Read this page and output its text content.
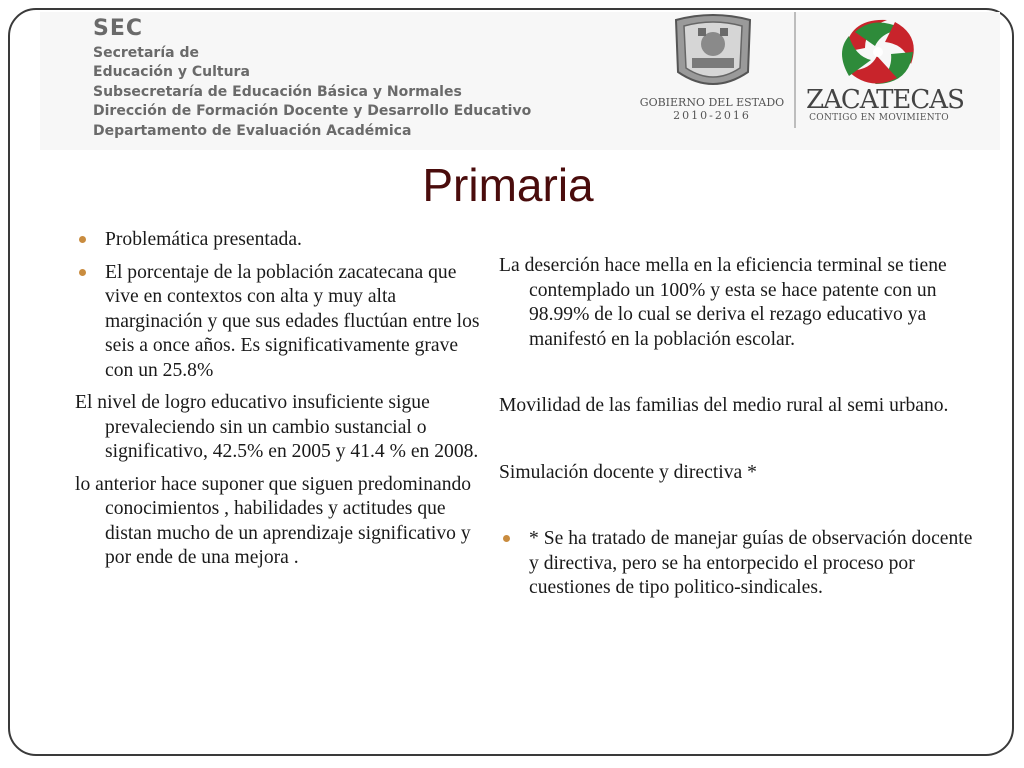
SEC
Secretaría de
Educación y Cultura
Subsecretaría de Educación Básica y Normales
Dirección de Formación Docente y Desarrollo Educativo
Departamento de Evaluación Académica
GOBIERNO DEL ESTADO
2010-2016
ZACATECAS
CONTIGO EN MOVIMIENTO
Primaria
Problemática presentada.
El porcentaje de la población zacatecana que vive en contextos con alta y muy alta marginación y que sus edades fluctúan entre los seis a once años. Es significativamente grave con un 25.8%
El nivel de logro educativo insuficiente sigue prevaleciendo sin un cambio sustancial o significativo, 42.5% en 2005 y 41.4 % en 2008.
lo anterior hace suponer que siguen predominando conocimientos , habilidades y actitudes que distan mucho de un aprendizaje significativo y por ende de una mejora .
La deserción hace mella en la eficiencia terminal se tiene contemplado un 100% y esta se hace patente con un 98.99% de lo cual se deriva el rezago educativo ya manifestó en la población escolar.
Movilidad de las familias del medio rural al semi urbano.
Simulación docente y directiva *
* Se ha tratado de manejar guías de observación docente y directiva, pero se ha entorpecido el proceso por cuestiones de tipo politico-sindicales.
